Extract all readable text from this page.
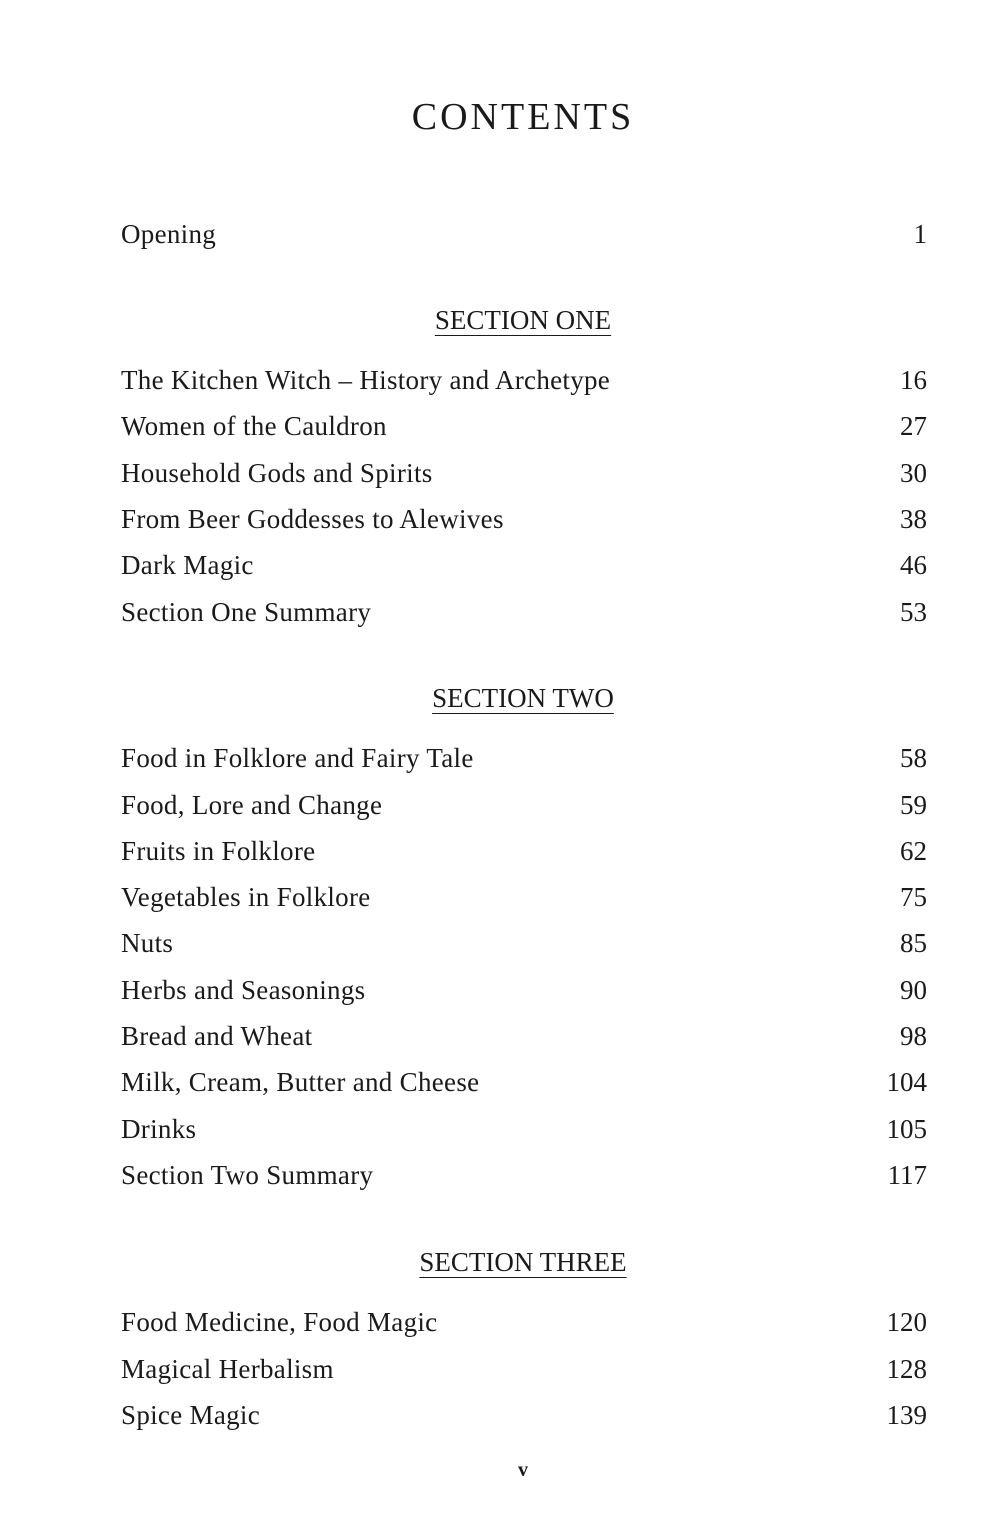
CONTENTS
Opening	1
SECTION ONE
The Kitchen Witch – History and Archetype	16
Women of the Cauldron	27
Household Gods and Spirits	30
From Beer Goddesses to Alewives	38
Dark Magic	46
Section One Summary	53
SECTION TWO
Food in Folklore and Fairy Tale	58
Food, Lore and Change	59
Fruits in Folklore	62
Vegetables in Folklore	75
Nuts	85
Herbs and Seasonings	90
Bread and Wheat	98
Milk, Cream, Butter and Cheese	104
Drinks	105
Section Two Summary	117
SECTION THREE
Food Medicine, Food Magic	120
Magical Herbalism	128
Spice Magic	139
v
